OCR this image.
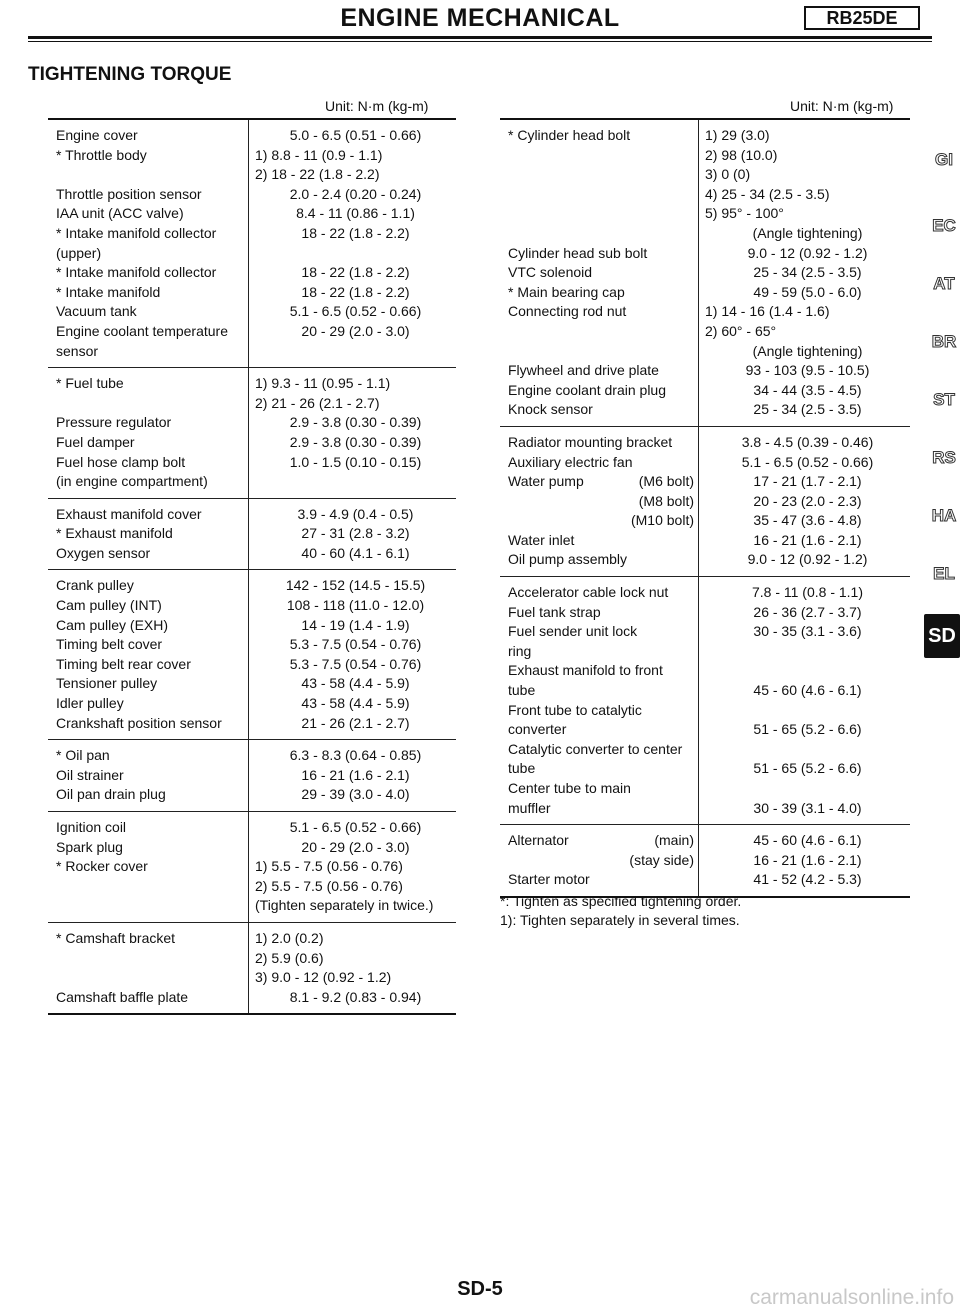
ENGINE MECHANICAL	RB25DE
TIGHTENING TORQUE
Unit: N·m (kg-m)	Unit: N·m (kg-m)

Engine cover		5.0 - 6.5 (0.51 - 0.66)
* Throttle body		1) 8.8 - 11 (0.9 - 1.1)
		2) 18 - 22 (1.8 - 2.2)
Throttle position sensor		2.0 - 2.4 (0.20 - 0.24)
IAA unit (ACC valve)		8.4 - 11 (0.86 - 1.1)
* Intake manifold collector		18 - 22 (1.8 - 2.2)
(upper)		
* Intake manifold collector		18 - 22 (1.8 - 2.2)
* Intake manifold		18 - 22 (1.8 - 2.2)
Vacuum tank		5.1 - 6.5 (0.52 - 0.66)
Engine coolant temperature		20 - 29 (2.0 - 3.0)
sensor		

* Fuel tube		1) 9.3 - 11 (0.95 - 1.1)
		2) 21 - 26 (2.1 - 2.7)
Pressure regulator		2.9 - 3.8 (0.30 - 0.39)
Fuel damper		2.9 - 3.8 (0.30 - 0.39)
Fuel hose clamp bolt		1.0 - 1.5 (0.10 - 0.15)
(in engine compartment)		

Exhaust manifold cover		3.9 - 4.9 (0.4 - 0.5)
* Exhaust manifold		27 - 31 (2.8 - 3.2)
Oxygen sensor		40 - 60 (4.1 - 6.1)

Crank pulley		142 - 152 (14.5 - 15.5)
Cam pulley (INT)		108 - 118 (11.0 - 12.0)
Cam pulley (EXH)		14 - 19 (1.4 - 1.9)
Timing belt cover		5.3 - 7.5 (0.54 - 0.76)
Timing belt rear cover		5.3 - 7.5 (0.54 - 0.76)
Tensioner pulley		43 - 58 (4.4 - 5.9)
Idler pulley		43 - 58 (4.4 - 5.9)
Crankshaft position sensor		21 - 26 (2.1 - 2.7)

* Oil pan		6.3 - 8.3 (0.64 - 0.85)
Oil strainer		16 - 21 (1.6 - 2.1)
Oil pan drain plug		29 - 39 (3.0 - 4.0)

Ignition coil		5.1 - 6.5 (0.52 - 0.66)
Spark plug		20 - 29 (2.0 - 3.0)
* Rocker cover		1) 5.5 - 7.5 (0.56 - 0.76)
		2) 5.5 - 7.5 (0.56 - 0.76)
		(Tighten separately in twice.)

* Camshaft bracket		1) 2.0 (0.2)
		2) 5.9 (0.6)
		3) 9.0 - 12 (0.92 - 1.2)
Camshaft baffle plate		8.1 - 9.2 (0.83 - 0.94)

* Cylinder head bolt		1) 29 (3.0)
		2) 98 (10.0)
		3) 0 (0)
		4) 25 - 34 (2.5 - 3.5)
		5) 95° - 100°
		(Angle tightening)
Cylinder head sub bolt		9.0 - 12 (0.92 - 1.2)
VTC solenoid		25 - 34 (2.5 - 3.5)
* Main bearing cap		49 - 59 (5.0 - 6.0)
Connecting rod nut		1) 14 - 16 (1.4 - 1.6)
		2) 60° - 65°
		(Angle tightening)
Flywheel and drive plate		93 - 103 (9.5 - 10.5)
Engine coolant drain plug		34 - 44 (3.5 - 4.5)
Knock sensor		25 - 34 (2.5 - 3.5)

Radiator mounting bracket		3.8 - 4.5 (0.39 - 0.46)
Auxiliary electric fan		5.1 - 6.5 (0.52 - 0.66)

Water pump (M6 bolt)		17 - 21 (1.7 - 2.1)

(M8 bolt)		20 - 23 (2.0 - 2.3)

(M10 bolt)		35 - 47 (3.6 - 4.8)
Water inlet		16 - 21 (1.6 - 2.1)
Oil pump assembly		9.0 - 12 (0.92 - 1.2)

Accelerator cable lock nut		7.8 - 11 (0.8 - 1.1)
Fuel tank strap		26 - 36 (2.7 - 3.7)
Fuel sender unit lock		30 - 35 (3.1 - 3.6)
ring		
Exhaust manifold to front		
tube		45 - 60 (4.6 - 6.1)
Front tube to catalytic		
converter		51 - 65 (5.2 - 6.6)
Catalytic converter to center		
tube		51 - 65 (5.2 - 6.6)
Center tube to main		
muffler		30 - 39 (3.1 - 4.0)

Alternator (main)		45 - 60 (4.6 - 6.1)

(stay side)		16 - 21 (1.6 - 2.1)
Starter motor		41 - 52 (4.2 - 5.3)

*: Tighten as specified tightening order.
1): Tighten separately in several times.
GI
EC
AT
BR
ST
RS
HA
EL
SD
SD-5	carmanualsonline.info
